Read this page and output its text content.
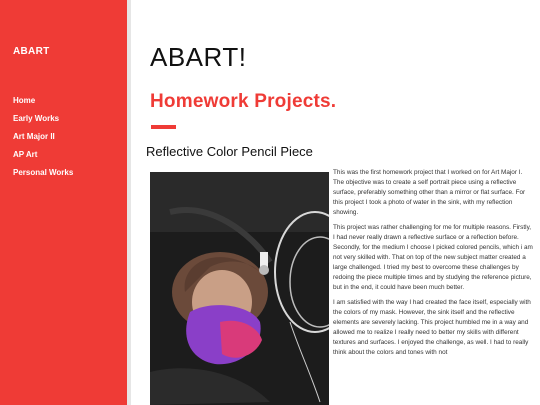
ABART
Home
Early Works
Art Major II
AP Art
Personal Works
ABART!
Homework Projects.
Reflective Color Pencil Piece

This was the first homework project that I worked on for Art Major I. The objective was to create a self portrait piece using a reflective surface, preferably something other than a mirror or flat surface. For this project I took a photo of water in the sink, with my reflection showing.

This project was rather challenging for me for multiple reasons. Firstly, I had never really drawn a reflective surface or a reflection before. Secondly, for the medium I choose I picked colored pencils, which i am not very skilled with. That on top of the new subject matter created a large challenged. I tried my best to overcome these challenges by redoing the piece multiple times and by studying the reference picture, but in the end, it could have been much better.

I am satisfied with the way I had created the face itself, especially with the colors of my mask. However, the sink itself and the reflective elements are severely lacking. This project humbled me in a way and allowed me to realize I really need to better my skills with different textures and surfaces. I enjoyed the challenge, as well. I had to really think about the colors and tones with not
